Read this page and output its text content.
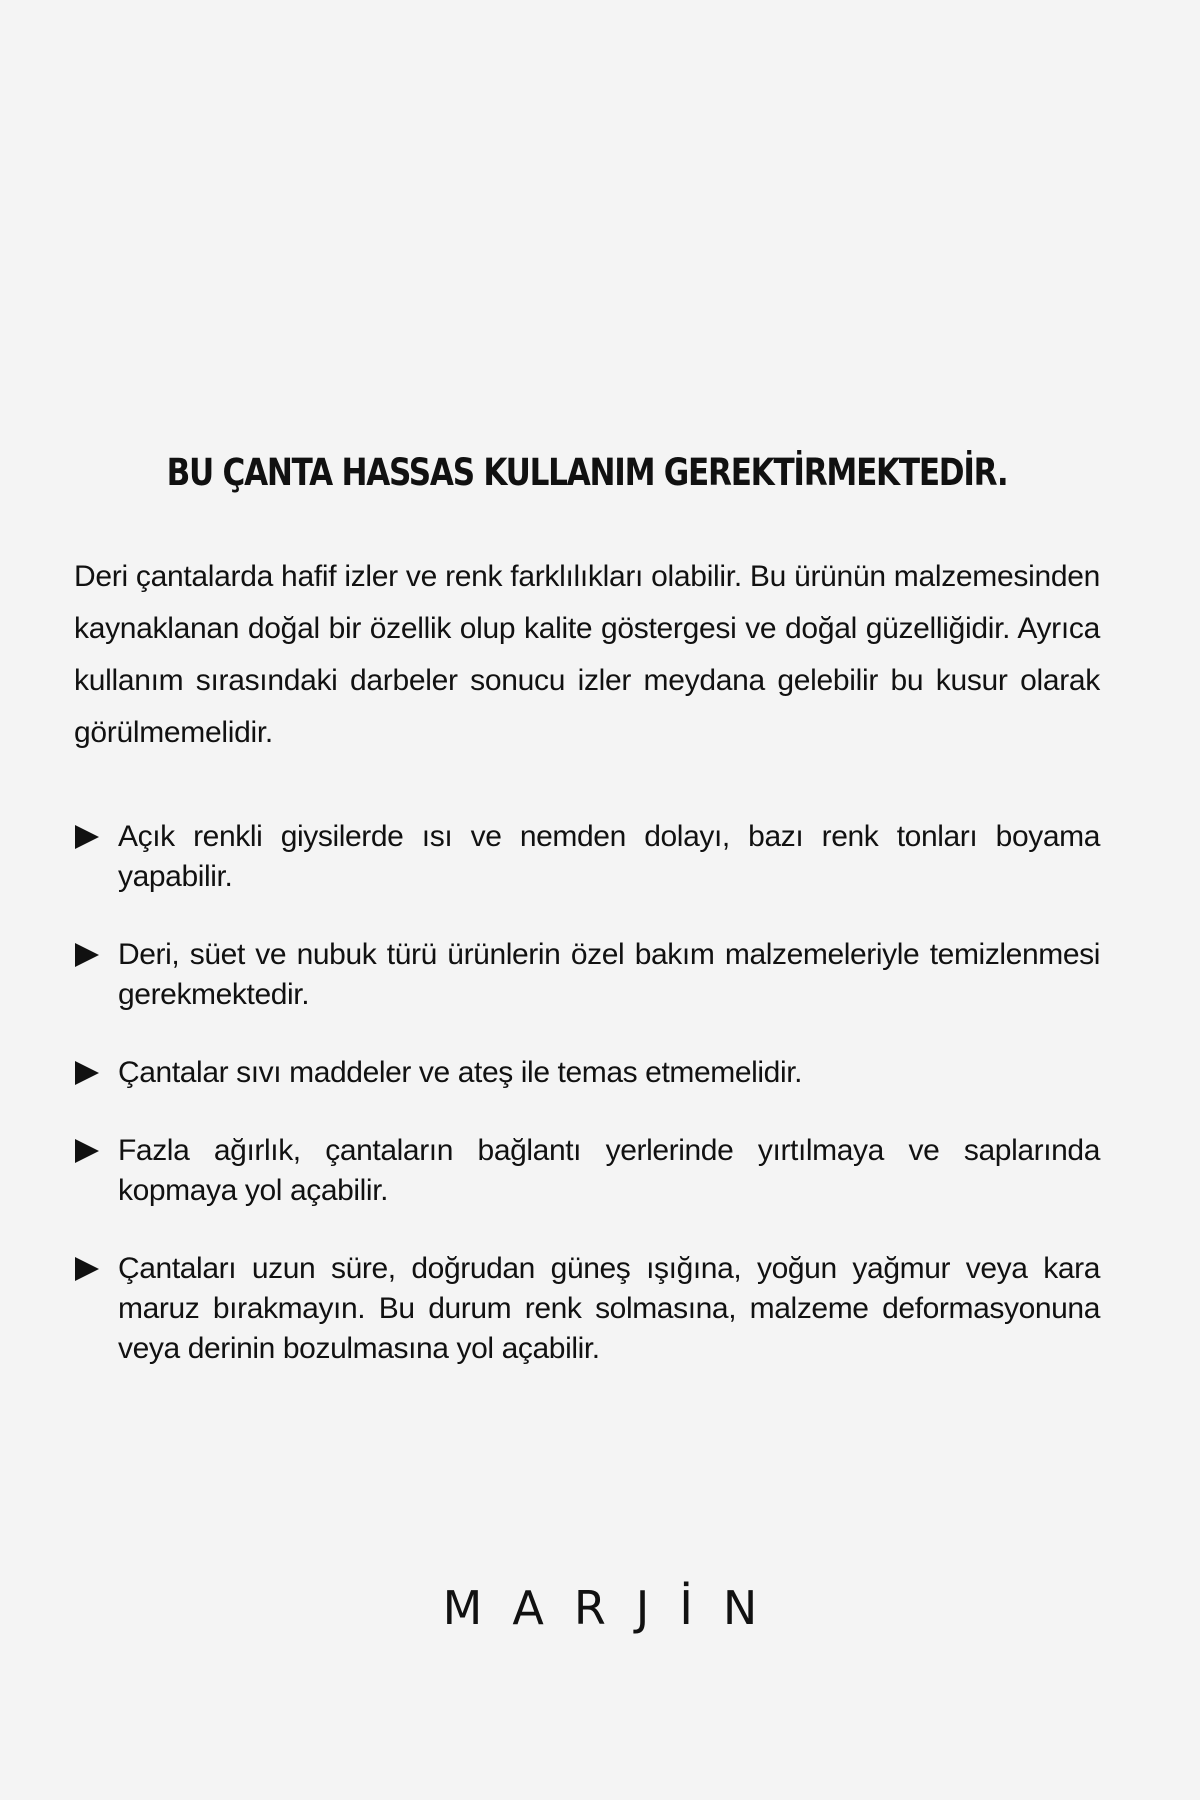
BU ÇANTA HASSAS KULLANIM GEREKTİRMEKTEDİR.

Deri çantalarda hafif izler ve renk farklılıkları olabilir. Bu ürünün malzemesinden kaynaklanan doğal bir özellik olup kalite göstergesi ve doğal güzelliğidir. Ayrıca kullanım sırasındaki darbeler sonucu izler meydana gelebilir bu kusur olarak görülmemelidir.

Açık renkli giysilerde ısı ve nemden dolayı, bazı renk tonları boyama yapabilir.
Deri, süet ve nubuk türü ürünlerin özel bakım malzemeleriyle temizlenmesi gerekmektedir.
Çantalar sıvı maddeler ve ateş ile temas etmemelidir.
Fazla ağırlık, çantaların bağlantı yerlerinde yırtılmaya ve saplarında kopmaya yol açabilir.
Çantaları uzun süre, doğrudan güneş ışığına, yoğun yağmur veya kara maruz bırakmayın. Bu durum renk solmasına, malzeme deformasyonuna veya derinin bozulmasına yol açabilir.
MARJİN
